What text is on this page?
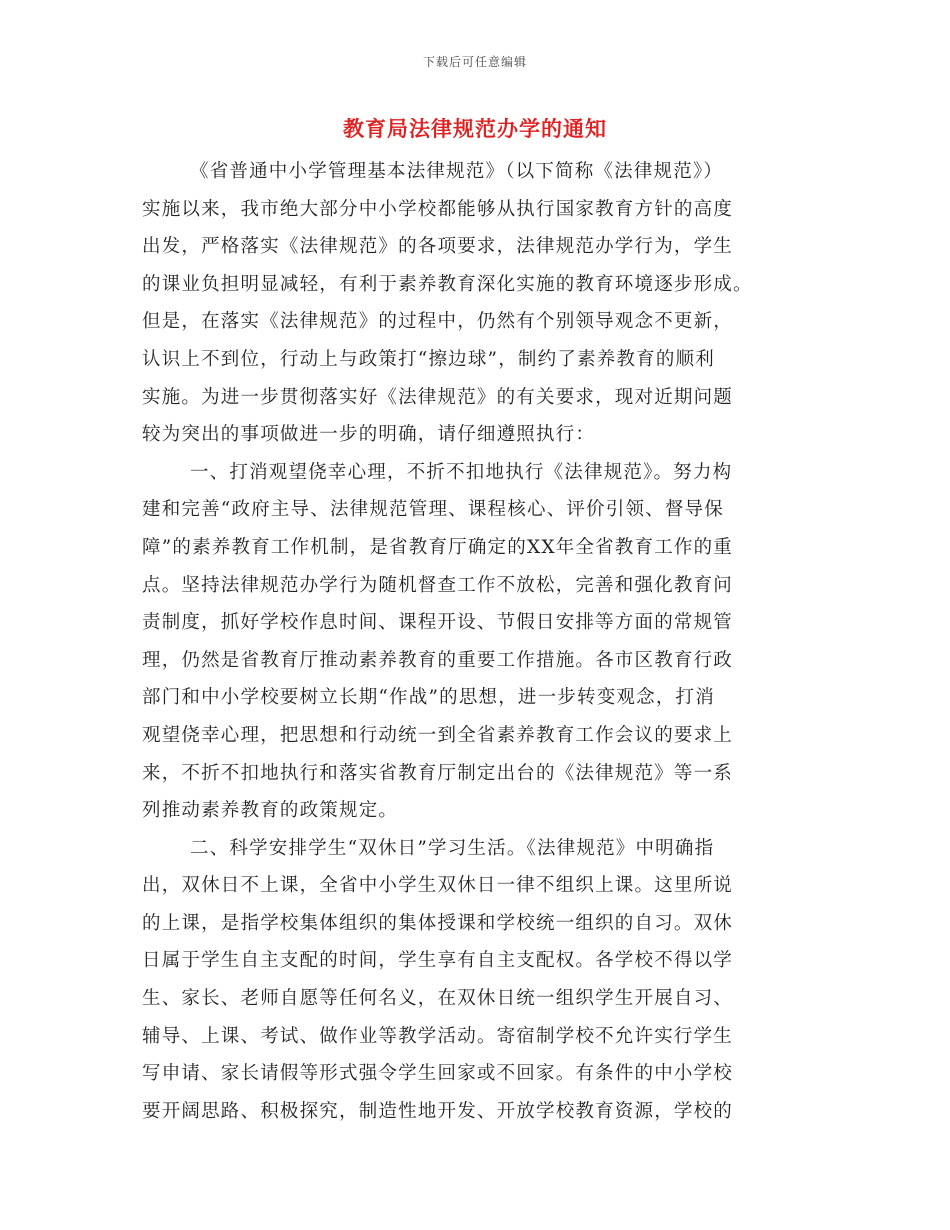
下载后可任意编辑
教育局法律规范办学的通知
《省普通中小学管理基本法律规范》（以下简称《法律规范》）
实施以来，我市绝大部分中小学校都能够从执行国家教育方针的高度
出发，严格落实《法律规范》的各项要求，法律规范办学行为，学生
的课业负担明显减轻，有利于素养教育深化实施的教育环境逐步形成。
但是，在落实《法律规范》的过程中，仍然有个别领导观念不更新，
认识上不到位，行动上与政策打“擦边球”，制约了素养教育的顺利
实施。为进一步贯彻落实好《法律规范》的有关要求，现对近期问题
较为突出的事项做进一步的明确，请仔细遵照执行：
一、打消观望侥幸心理，不折不扣地执行《法律规范》。努力构
建和完善“政府主导、法律规范管理、课程核心、评价引领、督导保
障”的素养教育工作机制，是省教育厅确定的XX年全省教育工作的重
点。坚持法律规范办学行为随机督查工作不放松，完善和强化教育问
责制度，抓好学校作息时间、课程开设、节假日安排等方面的常规管
理，仍然是省教育厅推动素养教育的重要工作措施。各市区教育行政
部门和中小学校要树立长期“作战”的思想，进一步转变观念，打消
观望侥幸心理，把思想和行动统一到全省素养教育工作会议的要求上
来，不折不扣地执行和落实省教育厅制定出台的《法律规范》等一系
列推动素养教育的政策规定。
二、科学安排学生“双休日”学习生活。《法律规范》中明确指
出，双休日不上课，全省中小学生双休日一律不组织上课。这里所说
的上课，是指学校集体组织的集体授课和学校统一组织的自习。双休
日属于学生自主支配的时间，学生享有自主支配权。各学校不得以学
生、家长、老师自愿等任何名义，在双休日统一组织学生开展自习、
辅导、上课、考试、做作业等教学活动。寄宿制学校不允许实行学生
写申请、家长请假等形式强令学生回家或不回家。有条件的中小学校
要开阔思路、积极探究，制造性地开发、开放学校教育资源，学校的
